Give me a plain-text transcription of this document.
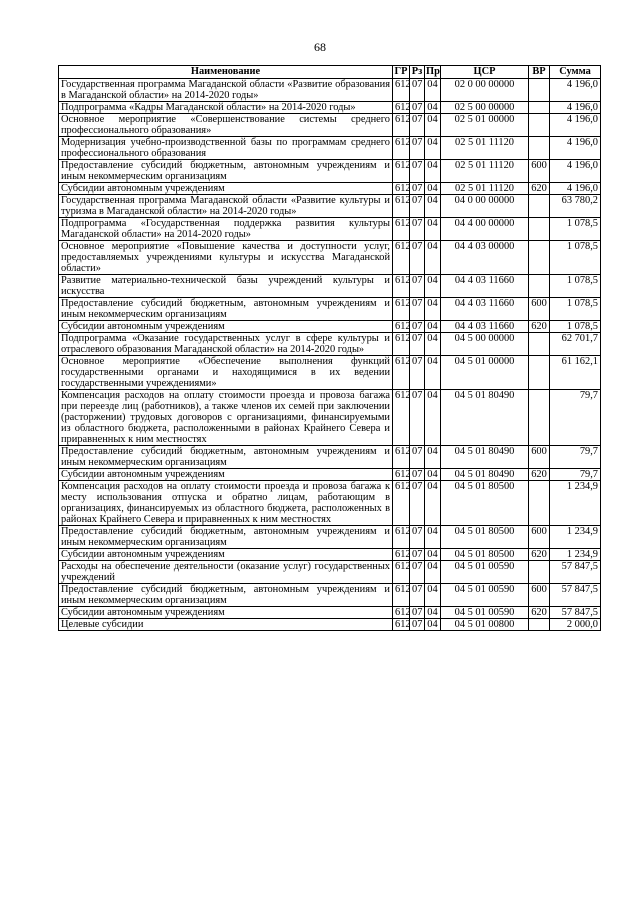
68
Наименование	ГР	Рз	Пр	ЦСР	ВР	Сумма
Государственная программа Магаданской области «Развитие образования в Магаданской области» на 2014-2020 годы»	612	07	04	02 0 00 00000		4 196,0
Подпрограмма «Кадры Магаданской области» на 2014-2020 годы»	612	07	04	02 5 00 00000		4 196,0
Основное мероприятие «Совершенствование системы среднего профессионального образования»	612	07	04	02 5 01 00000		4 196,0
Модернизация учебно-производственной базы по программам среднего профессионального образования	612	07	04	02 5 01 11120		4 196,0
Предоставление субсидий бюджетным, автономным учреждениям и иным некоммерческим организациям	612	07	04	02 5 01 11120	600	4 196,0
Субсидии автономным учреждениям	612	07	04	02 5 01 11120	620	4 196,0
Государственная программа Магаданской области «Развитие культуры и туризма в Магаданской области» на 2014-2020 годы»	612	07	04	04 0 00 00000		63 780,2
Подпрограмма «Государственная поддержка развития культуры Магаданской области» на 2014-2020 годы»	612	07	04	04 4 00 00000		1 078,5
Основное мероприятие «Повышение качества и доступности услуг, предоставляемых учреждениями культуры и искусства Магаданской области»	612	07	04	04 4 03 00000		1 078,5
Развитие материально-технической базы учреждений культуры и искусства	612	07	04	04 4 03 11660		1 078,5
Предоставление субсидий бюджетным, автономным учреждениям и иным некоммерческим организациям	612	07	04	04 4 03 11660	600	1 078,5
Субсидии автономным учреждениям	612	07	04	04 4 03 11660	620	1 078,5
Подпрограмма «Оказание государственных услуг в сфере культуры и отраслевого образования Магаданской области» на 2014-2020 годы»	612	07	04	04 5 00 00000		62 701,7
Основное мероприятие «Обеспечение выполнения функций государственными органами и находящимися в их ведении государственными учреждениями»	612	07	04	04 5 01 00000		61 162,1
Компенсация расходов на оплату стоимости проезда и провоза багажа при переезде лиц (работников), а также членов их семей при заключении (расторжении) трудовых договоров с организациями, финансируемыми из областного бюджета, расположенными в районах Крайнего Севера и приравненных к ним местностях	612	07	04	04 5 01 80490		79,7
Предоставление субсидий бюджетным, автономным учреждениям и иным некоммерческим организациям	612	07	04	04 5 01 80490	600	79,7
Субсидии автономным учреждениям	612	07	04	04 5 01 80490	620	79,7
Компенсация расходов на оплату стоимости проезда и провоза багажа к месту использования отпуска и обратно лицам, работающим в организациях, финансируемых из областного бюджета, расположенных в районах Крайнего Севера и приравненных к ним местностях	612	07	04	04 5 01 80500		1 234,9
Предоставление субсидий бюджетным, автономным учреждениям и иным некоммерческим организациям	612	07	04	04 5 01 80500	600	1 234,9
Субсидии автономным учреждениям	612	07	04	04 5 01 80500	620	1 234,9
Расходы на обеспечение деятельности (оказание услуг) государственных учреждений	612	07	04	04 5 01 00590		57 847,5
Предоставление субсидий бюджетным, автономным учреждениям и иным некоммерческим организациям	612	07	04	04 5 01 00590	600	57 847,5
Субсидии автономным учреждениям	612	07	04	04 5 01 00590	620	57 847,5
Целевые субсидии	612	07	04	04 5 01 00800		2 000,0
